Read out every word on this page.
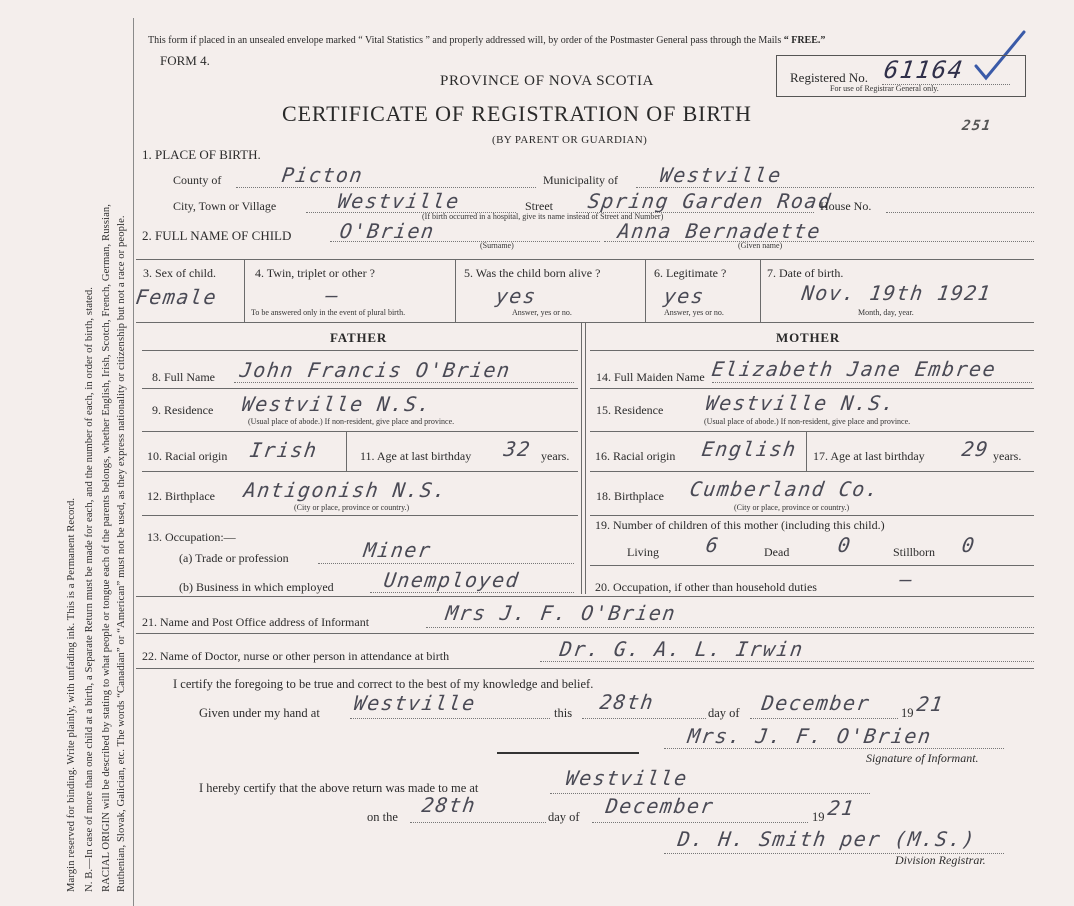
Margin reserved for binding. Write plainly, with unfading ink. This is a Permanent Record. N. B.—In case of more than one child at a birth, a Separate Return must be made for each, and the number of each, in order of birth, stated. RACIAL ORIGIN will be described by stating to what people or tongue each of the parents belongs, whether English, Irish, Scotch, French, German, Russian, Ruthenian, Slovak, Galician, etc. The words “Canadian” or “American” must not be used, as they express nationality or citizenship but not a race or people.
This form if placed in an unsealed envelope marked “ Vital Statistics ” and properly addressed will, by order of the Postmaster General pass through the Mails “ FREE.”
FORM 4.
PROVINCE OF NOVA SCOTIA
CERTIFICATE OF REGISTRATION OF BIRTH
(BY PARENT OR GUARDIAN)
Registered No. 61164
For use of Registrar General only.
251
1. PLACE OF BIRTH.
County of	Picton	Municipality of Westville
City, Town or Village	Westville	Street Spring Garden Road
House No.
(If birth occurred in a hospital, give its name instead of Street and Number)
2. FULL NAME OF CHILD O'Brien	Anna Bernadette
(Surname)	(Given name)
3. Sex of child.
Female
4. Twin, triplet or other ?
—
To be answered only in the event of plural birth.
5. Was the child born alive ?
yes
Answer, yes or no.
6. Legitimate ?
yes
Answer, yes or no.
7. Date of birth.
Nov. 19th 1921
Month, day, year.
FATHER	MOTHER
8. Full Name John Francis O'Brien
9. Residence Westville N.S.
(Usual place of abode.) If non-resident, give place and province.
10. Racial origin Irish	11. Age at last birthday 32 years.
12. Birthplace Antigonish N.S.
(City or place, province or country.)
13. Occupation:—
(a) Trade or profession	Miner
(b) Business in which employed Unemployed
14. Full Maiden Name Elizabeth Jane Embree
15. Residence Westville N.S.
(Usual place of abode.) If non-resident, give place and province.
16. Racial origin English 17. Age at last birthday 29 years.
18. Birthplace Cumberland Co.
(City or place, province or country.)
19. Number of children of this mother (including this child.)
Living 6	Dead 0	Stillborn 0
20. Occupation, if other than household duties	—
21. Name and Post Office address of Informant	Mrs J. F. O'Brien
22. Name of Doctor, nurse or other person in attendance at birth	Dr. G. A. L. Irwin
I certify the foregoing to be true and correct to the best of my knowledge and belief.
Given under my hand at Westville	this 28th	day of December 19 21
Mrs. J. F. O'Brien
Signature of Informant.
I hereby certify that the above return was made to me at	Westville
on the 28th	day of December	19 21
D. H. Smith per (M.S.)
Division Registrar.
